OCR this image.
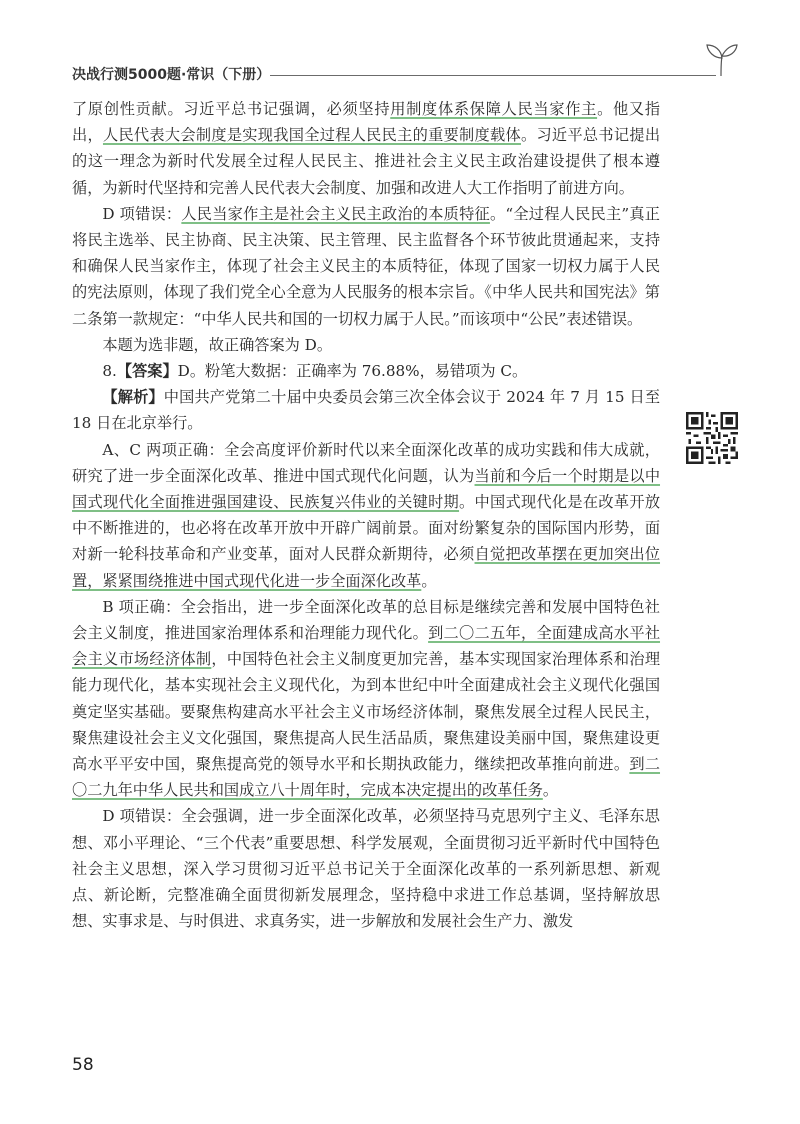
决战行测5000题·常识（下册）

了原创性贡献。习近平总书记强调，必须坚持用制度体系保障人民当家作主。他又指出，人民代表大会制度是实现我国全过程人民民主的重要制度载体。习近平总书记提出的这一理念为新时代发展全过程人民民主、推进社会主义民主政治建设提供了根本遵循，为新时代坚持和完善人民代表大会制度、加强和改进人大工作指明了前进方向。

D 项错误：人民当家作主是社会主义民主政治的本质特征。“全过程人民民主”真正将民主选举、民主协商、民主决策、民主管理、民主监督各个环节彼此贯通起来，支持和确保人民当家作主，体现了社会主义民主的本质特征，体现了国家一切权力属于人民的宪法原则，体现了我们党全心全意为人民服务的根本宗旨。《中华人民共和国宪法》第二条第一款规定：“中华人民共和国的一切权力属于人民。”而该项中“公民”表述错误。

本题为选非题，故正确答案为 D。

8.【答案】D。粉笔大数据：正确率为 76.88%，易错项为 C。

【解析】中国共产党第二十届中央委员会第三次全体会议于 2024 年 7 月 15 日至 18 日在北京举行。

A、C 两项正确：全会高度评价新时代以来全面深化改革的成功实践和伟大成就，研究了进一步全面深化改革、推进中国式现代化问题，认为当前和今后一个时期是以中国式现代化全面推进强国建设、民族复兴伟业的关键时期。中国式现代化是在改革开放中不断推进的，也必将在改革开放中开辟广阔前景。面对纷繁复杂的国际国内形势，面对新一轮科技革命和产业变革，面对人民群众新期待，必须自觉把改革摆在更加突出位置，紧紧围绕推进中国式现代化进一步全面深化改革。

B 项正确：全会指出，进一步全面深化改革的总目标是继续完善和发展中国特色社会主义制度，推进国家治理体系和治理能力现代化。到二〇二五年，全面建成高水平社会主义市场经济体制，中国特色社会主义制度更加完善，基本实现国家治理体系和治理能力现代化，基本实现社会主义现代化，为到本世纪中叶全面建成社会主义现代化强国奠定坚实基础。要聚焦构建高水平社会主义市场经济体制，聚焦发展全过程人民民主，聚焦建设社会主义文化强国，聚焦提高人民生活品质，聚焦建设美丽中国，聚焦建设更高水平平安中国，聚焦提高党的领导水平和长期执政能力，继续把改革推向前进。到二〇二九年中华人民共和国成立八十周年时，完成本决定提出的改革任务。

D 项错误：全会强调，进一步全面深化改革，必须坚持马克思列宁主义、毛泽东思想、邓小平理论、“三个代表”重要思想、科学发展观，全面贯彻习近平新时代中国特色社会主义思想，深入学习贯彻习近平总书记关于全面深化改革的一系列新思想、新观点、新论断，完整准确全面贯彻新发展理念，坚持稳中求进工作总基调，坚持解放思想、实事求是、与时俱进、求真务实，进一步解放和发展社会生产力、激发

58
